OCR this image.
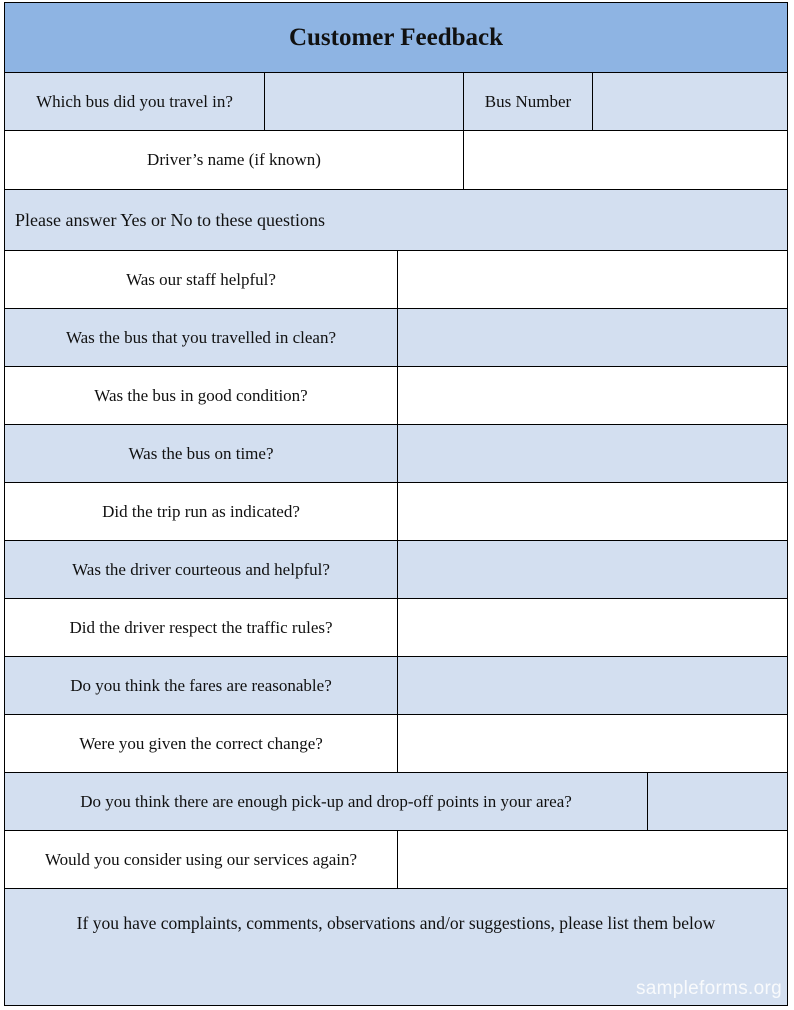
Customer Feedback
Which bus did you travel in?	Bus Number
Driver’s name (if known)
Please answer Yes or No to these questions
Was our staff helpful?
Was the bus that you travelled in clean?
Was the bus in good condition?
Was the bus on time?
Did the trip run as indicated?
Was the driver courteous and helpful?
Did the driver respect the traffic rules?
Do you think the fares are reasonable?
Were you given the correct change?
Do you think there are enough pick-up and drop-off points in your area?
Would you consider using our services again?
If you have complaints, comments, observations and/or suggestions, please list them below
sampleforms.org
